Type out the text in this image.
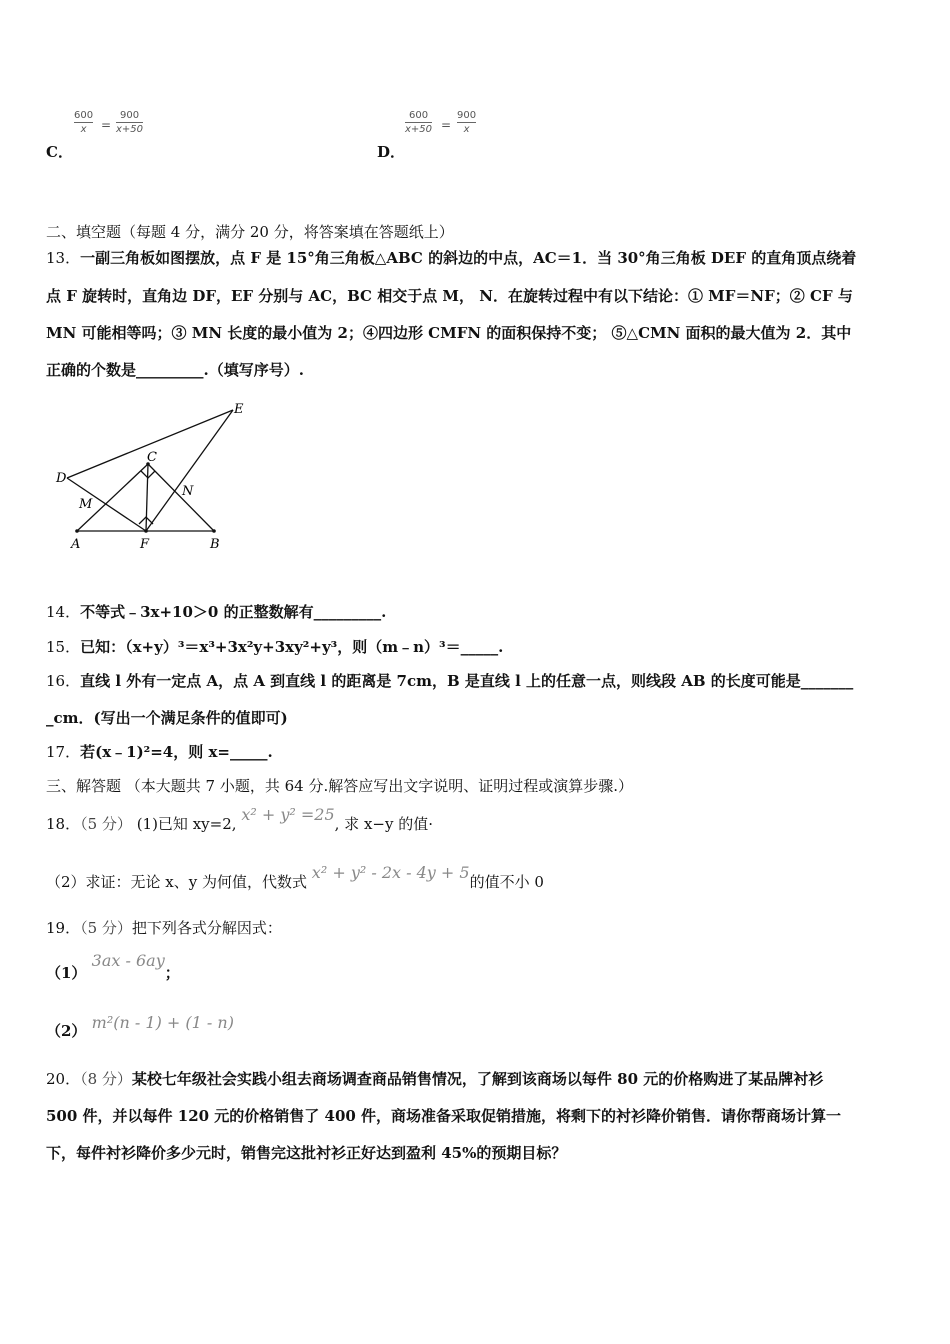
600
x =
900
x+50
C．
600
x+50 =
900
x
D．
二、填空题（每题 4 分，满分 20 分，将答案填在答题纸上）
13．一副三角板如图摆放，点 F 是 15°角三角板△ABC 的斜边的中点，AC＝1．当 30°角三角板 DEF 的直角顶点绕着
点 F 旋转时，直角边 DF，EF 分别与 AC，BC 相交于点 M， N．在旋转过程中有以下结论：① MF＝NF；② CF 与
MN 可能相等吗；③ MN 长度的最小值为 2；④四边形 CMFN 的面积保持不变； ⑤△CMN 面积的最大值为 2．其中
正确的个数是_________.（填写序号）.
E
D
C
M
N
A	F	B
14．不等式﹣3x+10＞0 的正整数解有_________.
15．已知：（x+y）³＝x³+3x²y+3xy²+y³，则（m﹣n）³＝_____.
16．直线 l 外有一定点 A，点 A 到直线 l 的距离是 7cm，B 是直线 l 上的任意一点，则线段 AB 的长度可能是_______
_cm．(写出一个满足条件的值即可)
17．若(x﹣1)²=4，则 x=_____.
三、解答题 （本大题共 7 小题，共 64 分.解答应写出文字说明、证明过程或演算步骤.）
18．（5 分） (1)已知 xy=2, x² + y² =25, 求 x−y 的值·
（2）求证：无论 x、y 为何值，代数式 x² + y² - 2x - 4y + 5的值不小 0
19．（5 分）把下列各式分解因式：
（1） 3ax - 6ay；
（2） m²(n - 1) + (1 - n)
20．（8 分）某校七年级社会实践小组去商场调查商品销售情况，了解到该商场以每件 80 元的价格购进了某品牌衬衫
500 件，并以每件 120 元的价格销售了 400 件，商场准备采取促销措施，将剩下的衬衫降价销售．请你帮商场计算一
下，每件衬衫降价多少元时，销售完这批衬衫正好达到盈利 45%的预期目标？
